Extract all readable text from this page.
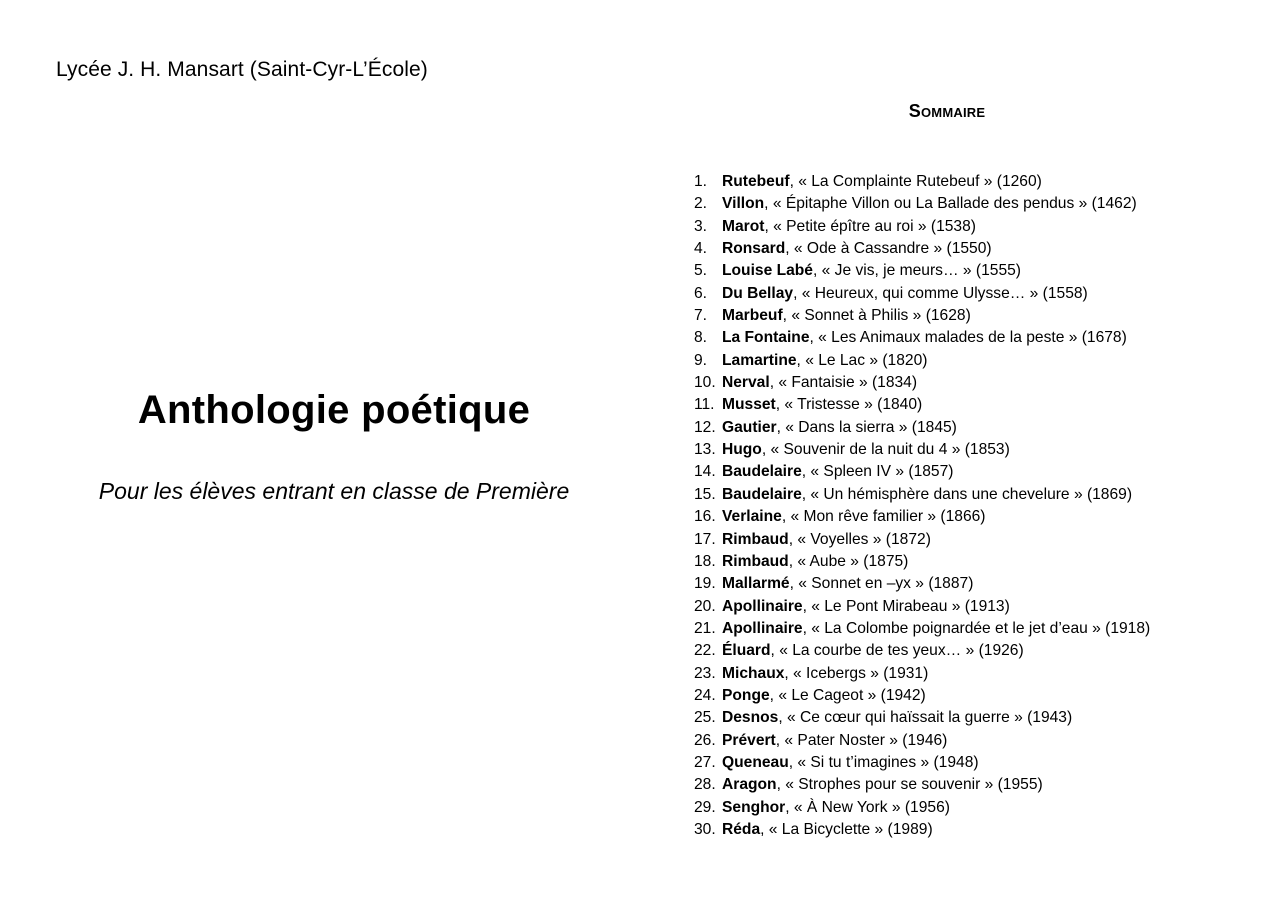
Lycée J. H. Mansart (Saint-Cyr-L’École)
Anthologie poétique
Pour les élèves entrant en classe de Première
Sommaire
1. Rutebeuf, « La Complainte Rutebeuf » (1260)
2. Villon, « Épitaphe Villon ou La Ballade des pendus » (1462)
3. Marot, « Petite épître au roi » (1538)
4. Ronsard, « Ode à Cassandre » (1550)
5. Louise Labé, « Je vis, je meurs… » (1555)
6. Du Bellay, « Heureux, qui comme Ulysse… » (1558)
7. Marbeuf, « Sonnet à Philis » (1628)
8. La Fontaine, « Les Animaux malades de la peste » (1678)
9. Lamartine, « Le Lac » (1820)
10. Nerval, « Fantaisie » (1834)
11. Musset, « Tristesse » (1840)
12. Gautier, « Dans la sierra » (1845)
13. Hugo, « Souvenir de la nuit du 4 » (1853)
14. Baudelaire, « Spleen IV » (1857)
15. Baudelaire, « Un hémisphère dans une chevelure » (1869)
16. Verlaine, « Mon rêve familier » (1866)
17. Rimbaud, « Voyelles » (1872)
18. Rimbaud, « Aube » (1875)
19. Mallarmé, « Sonnet en –yx » (1887)
20. Apollinaire, « Le Pont Mirabeau » (1913)
21. Apollinaire, « La Colombe poignardée et le jet d’eau » (1918)
22. Éluard, « La courbe de tes yeux… » (1926)
23. Michaux, « Icebergs » (1931)
24. Ponge, « Le Cageot » (1942)
25. Desnos, « Ce cœur qui haïssait la guerre » (1943)
26. Prévert, « Pater Noster » (1946)
27. Queneau, « Si tu t’imagines » (1948)
28. Aragon, « Strophes pour se souvenir » (1955)
29. Senghor, « À New York » (1956)
30. Réda, « La Bicyclette » (1989)
